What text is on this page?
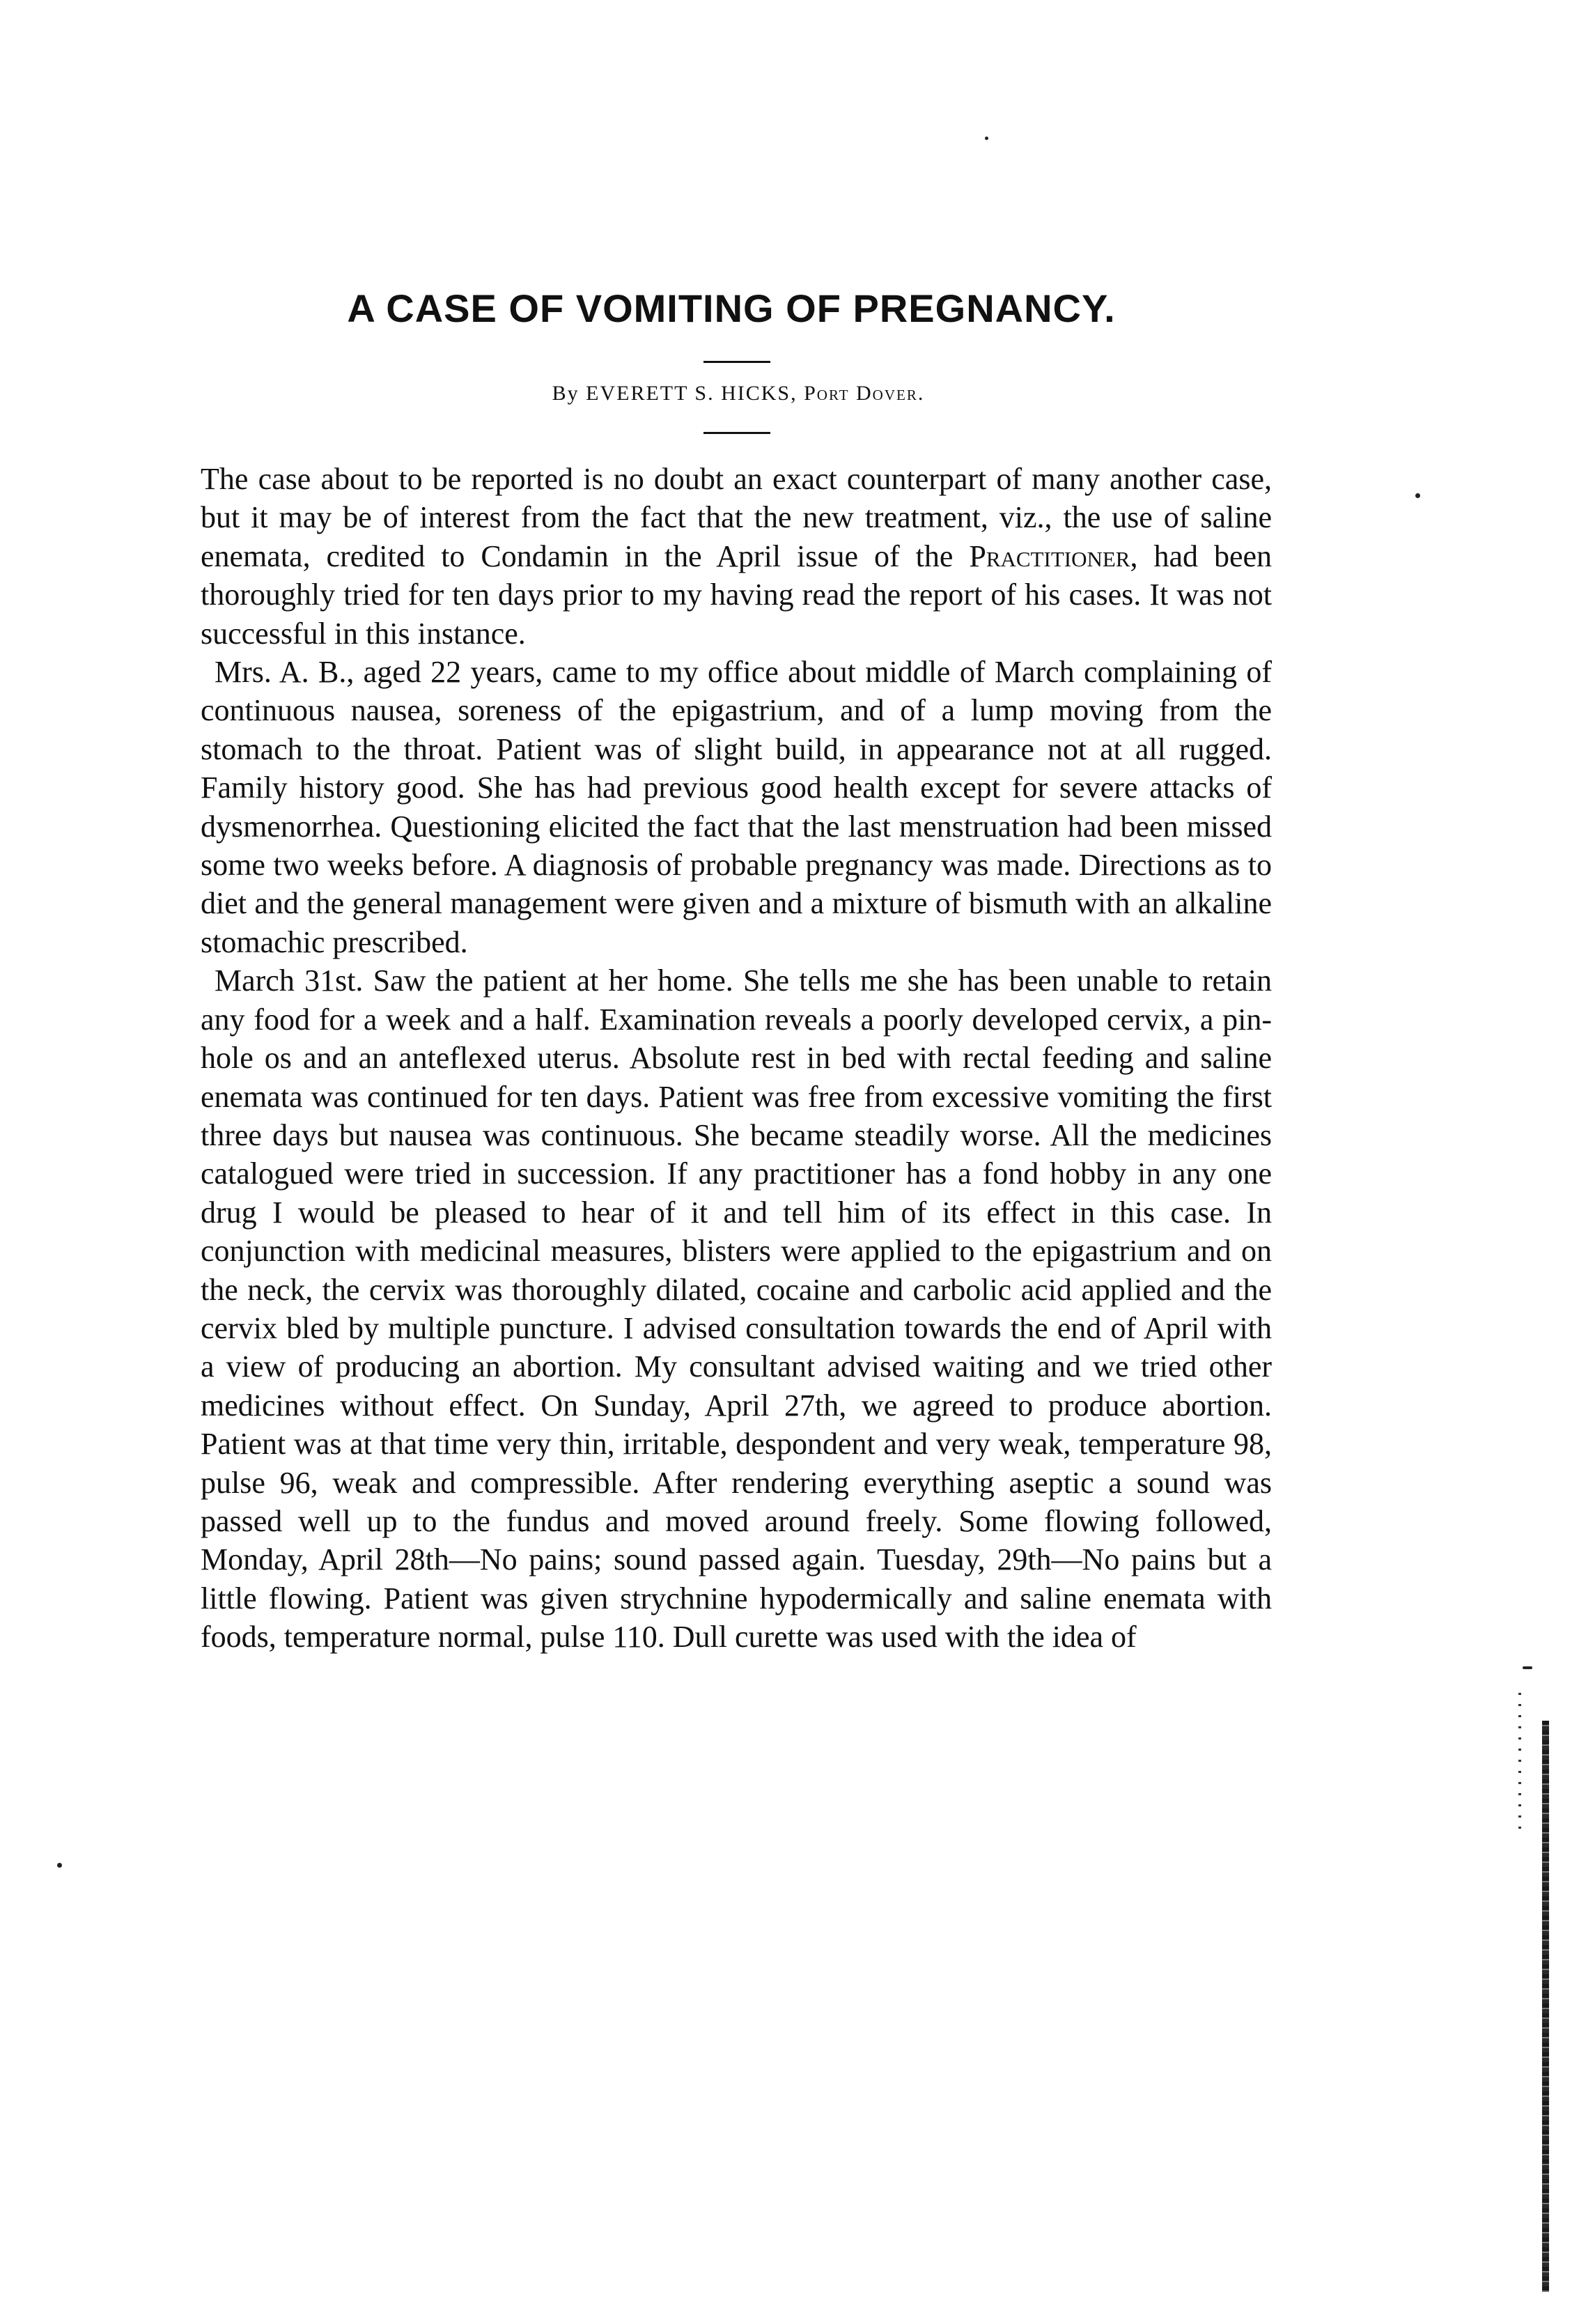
A CASE OF VOMITING OF PREGNANCY.
By EVERETT S. HICKS, Port Dover.

The case about to be reported is no doubt an exact counterpart of many another case, but it may be of interest from the fact that the new treatment, viz., the use of saline enemata, credited to Condamin in the April issue of the Practitioner, had been thoroughly tried for ten days prior to my having read the report of his cases. It was not successful in this instance.

Mrs. A. B., aged 22 years, came to my office about middle of March complaining of continuous nausea, soreness of the epigastrium, and of a lump moving from the stomach to the throat. Patient was of slight build, in appearance not at all rugged. Family history good. She has had previous good health except for severe attacks of dysmenorrhea. Questioning elicited the fact that the last menstruation had been missed some two weeks before. A diagnosis of probable pregnancy was made. Directions as to diet and the general management were given and a mixture of bismuth with an alkaline stomachic prescribed.

March 31st. Saw the patient at her home. She tells me she has been unable to retain any food for a week and a half. Examination reveals a poorly developed cervix, a pin-hole os and an anteflexed uterus. Absolute rest in bed with rectal feeding and saline enemata was continued for ten days. Patient was free from excessive vomiting the first three days but nausea was continuous. She became steadily worse. All the medicines catalogued were tried in succession. If any practitioner has a fond hobby in any one drug I would be pleased to hear of it and tell him of its effect in this case. In conjunction with medicinal measures, blisters were applied to the epigastrium and on the neck, the cervix was thoroughly dilated, cocaine and carbolic acid applied and the cervix bled by multiple puncture. I advised consultation towards the end of April with a view of producing an abortion. My consultant advised waiting and we tried other medicines without effect. On Sunday, April 27th, we agreed to produce abortion. Patient was at that time very thin, irritable, despondent and very weak, temperature 98, pulse 96, weak and compressible. After rendering everything aseptic a sound was passed well up to the fundus and moved around freely. Some flowing followed, Monday, April 28th—No pains; sound passed again. Tuesday, 29th—No pains but a little flowing. Patient was given strychnine hypodermically and saline enemata with foods, temperature normal, pulse 110. Dull curette was used with the idea of
